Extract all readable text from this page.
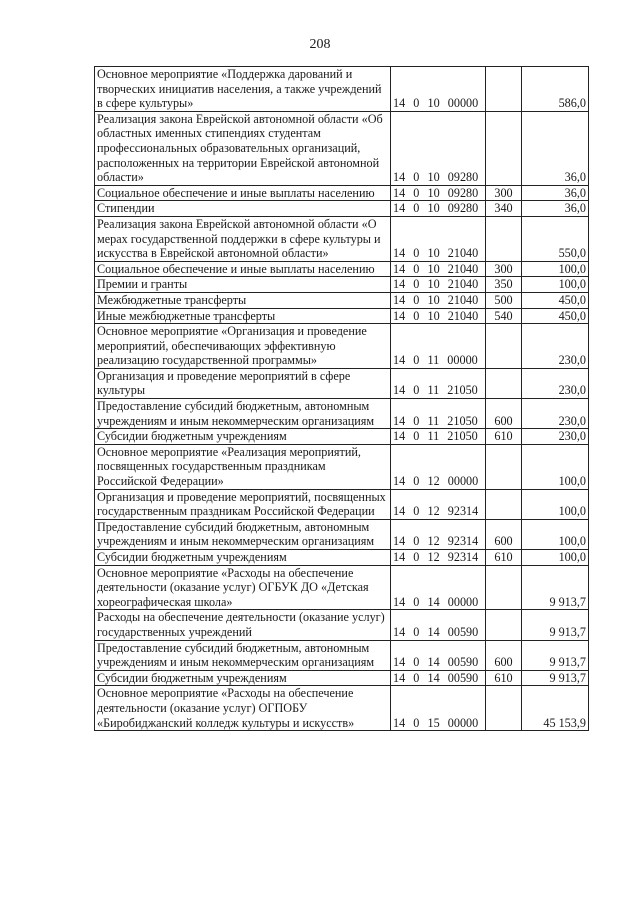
208
Основное мероприятие «Поддержка дарований и творческих инициатив населения, а также учреждений в сфере культуры»	14  0  10  00000		586,0
Реализация закона Еврейской автономной области «Об областных именных стипендиях студентам профессиональных образовательных организаций, расположенных на территории Еврейской автономной области»	14  0  10  09280		36,0
Социальное обеспечение и иные выплаты населению	14  0  10  09280	300	36,0
Стипендии	14  0  10  09280	340	36,0
Реализация закона Еврейской автономной области «О мерах государственной поддержки в сфере культуры и искусства в Еврейской автономной области»	14  0  10  21040		550,0
Социальное обеспечение и иные выплаты населению	14  0  10  21040	300	100,0
Премии и гранты	14  0  10  21040	350	100,0
Межбюджетные трансферты	14  0  10  21040	500	450,0
Иные межбюджетные трансферты	14  0  10  21040	540	450,0
Основное мероприятие «Организация и проведение мероприятий, обеспечивающих эффективную реализацию государственной программы»	14  0  11  00000		230,0
Организация и проведение мероприятий в сфере культуры	14  0  11  21050		230,0
Предоставление субсидий бюджетным, автономным учреждениям и иным некоммерческим организациям	14  0  11  21050	600	230,0
Субсидии бюджетным учреждениям	14  0  11  21050	610	230,0
Основное мероприятие «Реализация мероприятий, посвященных государственным праздникам Российской Федерации»	14  0  12  00000		100,0
Организация и проведение мероприятий, посвященных государственным праздникам Российской Федерации	14  0  12  92314		100,0
Предоставление субсидий бюджетным, автономным учреждениям и иным некоммерческим организациям	14  0  12  92314	600	100,0
Субсидии бюджетным учреждениям	14  0  12  92314	610	100,0
Основное мероприятие «Расходы на обеспечение деятельности (оказание услуг) ОГБУК ДО «Детская хореографическая школа»	14  0  14  00000		9 913,7
Расходы на обеспечение деятельности (оказание услуг) государственных учреждений	14  0  14  00590		9 913,7
Предоставление субсидий бюджетным, автономным учреждениям и иным некоммерческим организациям	14  0  14  00590	600	9 913,7
Субсидии бюджетным учреждениям	14  0  14  00590	610	9 913,7
Основное мероприятие «Расходы на обеспечение деятельности (оказание услуг) ОГПОБУ «Биробиджанский колледж культуры и искусств»	14  0  15  00000		45 153,9
